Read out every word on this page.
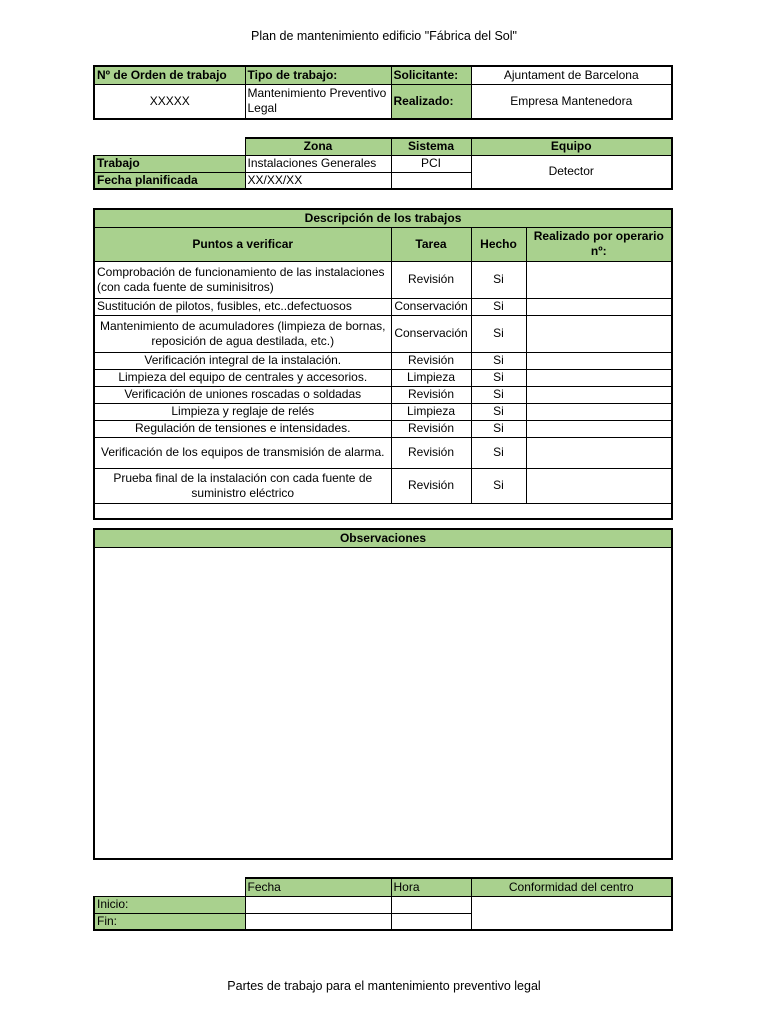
Plan de mantenimiento edificio "Fábrica del Sol"
Nº de Orden de trabajo	Tipo de trabajo:	Solicitante:	Ajuntament de Barcelona
XXXXX	Mantenimiento Preventivo Legal	Realizado:	Empresa Mantenedora
	Zona	Sistema	Equipo
Trabajo	Instalaciones Generales	PCI	Detector
Fecha planificada	XX/XX/XX		
Descripción de los trabajos			
Puntos a verificar	Tarea	Hecho	Realizado por operario nº:
Comprobación de funcionamiento de las instalaciones (con cada fuente de suminisitros)	Revisión	Si	
Sustitución de pilotos, fusibles, etc..defectuosos	Conservación	Si	
Mantenimiento de acumuladores (limpieza de bornas, reposición de agua destilada, etc.)	Conservación	Si	
Verificación integral de la instalación.	Revisión	Si	
Limpieza del equipo de centrales y accesorios.	Limpieza	Si	
Verificación de uniones roscadas o soldadas	Revisión	Si	
Limpieza y reglaje de relés	Limpieza	Si	
Regulación de tensiones e intensidades.	Revisión	Si	
Verificación de los equipos de transmisión de alarma.	Revisión	Si	
Prueba final de la instalación con cada fuente de suministro eléctrico	Revisión	Si	

Observaciones

	Fecha	Hora	Conformidad del centro
Inicio:			
Fin:			
Partes de trabajo para el mantenimiento preventivo legal
